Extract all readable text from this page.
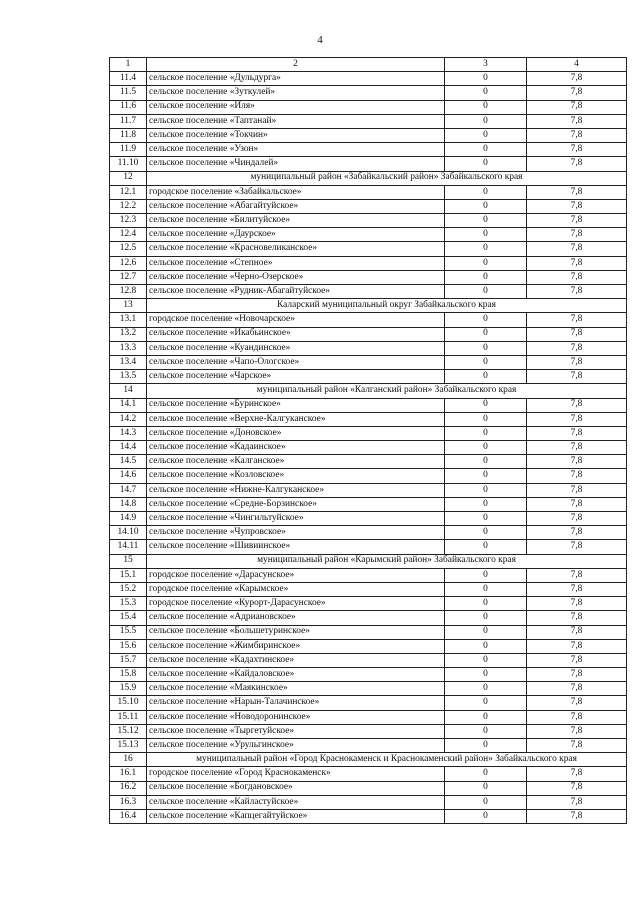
4
1	2	3	4
11.4	сельское поселение «Дульдурга»	0	7,8
11.5	сельское поселение «Зуткулей»	0	7,8
11.6	сельское поселение «Иля»	0	7,8
11.7	сельское поселение «Таптанай»	0	7,8
11.8	сельское поселение «Токчин»	0	7,8
11.9	сельское поселение «Узон»	0	7,8
11.10	сельское поселение «Чиндалей»	0	7,8
12	муниципальный район «Забайкальский район» Забайкальского края		
12.1	городское поселение «Забайкальское»	0	7,8
12.2	сельское поселение «Абагайтуйское»	0	7,8
12.3	сельское поселение «Билитуйское»	0	7,8
12.4	сельское поселение «Даурское»	0	7,8
12.5	сельское поселение «Красновеликанское»	0	7,8
12.6	сельское поселение «Степное»	0	7,8
12.7	сельское поселение «Черно-Озерское»	0	7,8
12.8	сельское поселение «Рудник-Абагайтуйское»	0	7,8
13	Каларский муниципальный округ Забайкальского края		
13.1	городское поселение «Новочарское»	0	7,8
13.2	сельское поселение «Икабьинское»	0	7,8
13.3	сельское поселение «Куандинское»	0	7,8
13.4	сельское поселение «Чапо-Ологское»	0	7,8
13.5	сельское поселение «Чарское»	0	7,8
14	муниципальный район «Калганский район» Забайкальского края		
14.1	сельское поселение «Буринское»	0	7,8
14.2	сельское поселение «Верхне-Калгуканское»	0	7,8
14.3	сельское поселение «Доновское»	0	7,8
14.4	сельское поселение «Кадаинское»	0	7,8
14.5	сельское поселение «Калганское»	0	7,8
14.6	сельское поселение «Козловское»	0	7,8
14.7	сельское поселение «Нижне-Калгуканское»	0	7,8
14.8	сельское поселение «Средне-Борзинское»	0	7,8
14.9	сельское поселение «Чингильтуйское»	0	7,8
14.10	сельское поселение «Чупровское»	0	7,8
14.11	сельское поселение «Шивиинское»	0	7,8
15	муниципальный район «Карымский район» Забайкальского края		
15.1	городское поселение «Дарасунское»	0	7,8
15.2	городское поселение «Карымское»	0	7,8
15.3	городское поселение «Курорт-Дарасунское»	0	7,8
15.4	сельское поселение «Адриановское»	0	7,8
15.5	сельское поселение «Большетуринское»	0	7,8
15.6	сельское поселение «Жимбиринское»	0	7,8
15.7	сельское поселение «Кадахтинское»	0	7,8
15.8	сельское поселение «Кайдаловское»	0	7,8
15.9	сельское поселение «Маякинское»	0	7,8
15.10	сельское поселение «Нарын-Талачинское»	0	7,8
15.11	сельское поселение «Новодоронинское»	0	7,8
15.12	сельское поселение «Тыргетуйское»	0	7,8
15.13	сельское поселение «Урульгинское»	0	7,8
16	муниципальный район «Город Краснокаменск и Краснокаменский район» Забайкальского края		
16.1	городское поселение «Город Краснокаменск»	0	7,8
16.2	сельское поселение «Богдановское»	0	7,8
16.3	сельское поселение «Кайластуйское»	0	7,8
16.4	сельское поселение «Капцегайтуйское»	0	7,8
